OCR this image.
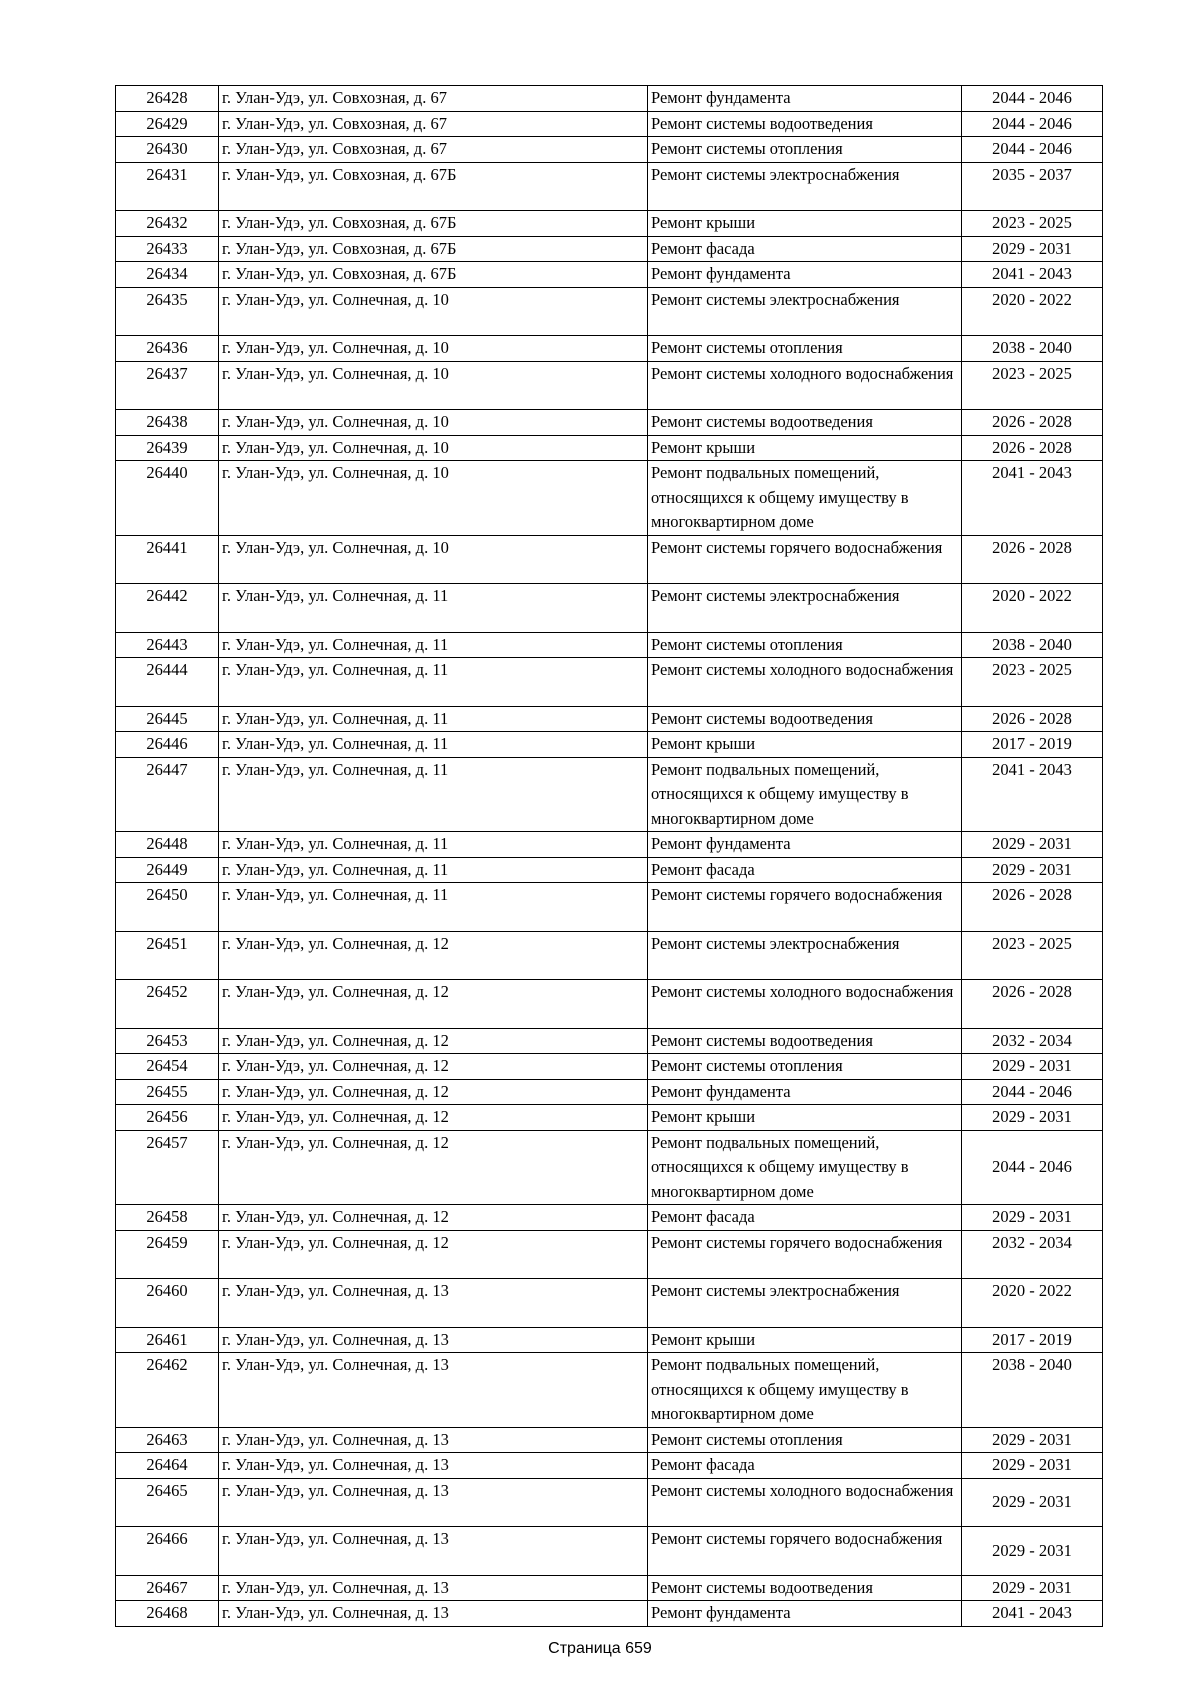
26428	г. Улан-Удэ, ул. Совхозная, д. 67	Ремонт фундамента	2044 - 2046
26429	г. Улан-Удэ, ул. Совхозная, д. 67	Ремонт системы водоотведения	2044 - 2046
26430	г. Улан-Удэ, ул. Совхозная, д. 67	Ремонт системы отопления	2044 - 2046
26431	г. Улан-Удэ, ул. Совхозная, д. 67Б	Ремонт системы электроснабжения	2035 - 2037
26432	г. Улан-Удэ, ул. Совхозная, д. 67Б	Ремонт крыши	2023 - 2025
26433	г. Улан-Удэ, ул. Совхозная, д. 67Б	Ремонт фасада	2029 - 2031
26434	г. Улан-Удэ, ул. Совхозная, д. 67Б	Ремонт фундамента	2041 - 2043
26435	г. Улан-Удэ, ул. Солнечная, д. 10	Ремонт системы электроснабжения	2020 - 2022
26436	г. Улан-Удэ, ул. Солнечная, д. 10	Ремонт системы отопления	2038 - 2040
26437	г. Улан-Удэ, ул. Солнечная, д. 10	Ремонт системы холодного водоснабжения	2023 - 2025
26438	г. Улан-Удэ, ул. Солнечная, д. 10	Ремонт системы водоотведения	2026 - 2028
26439	г. Улан-Удэ, ул. Солнечная, д. 10	Ремонт крыши	2026 - 2028
26440	г. Улан-Удэ, ул. Солнечная, д. 10	Ремонт подвальных помещений, относящихся к общему имуществу в многоквартирном доме	2041 - 2043
26441	г. Улан-Удэ, ул. Солнечная, д. 10	Ремонт системы горячего водоснабжения	2026 - 2028
26442	г. Улан-Удэ, ул. Солнечная, д. 11	Ремонт системы электроснабжения	2020 - 2022
26443	г. Улан-Удэ, ул. Солнечная, д. 11	Ремонт системы отопления	2038 - 2040
26444	г. Улан-Удэ, ул. Солнечная, д. 11	Ремонт системы холодного водоснабжения	2023 - 2025
26445	г. Улан-Удэ, ул. Солнечная, д. 11	Ремонт системы водоотведения	2026 - 2028
26446	г. Улан-Удэ, ул. Солнечная, д. 11	Ремонт крыши	2017 - 2019
26447	г. Улан-Удэ, ул. Солнечная, д. 11	Ремонт подвальных помещений, относящихся к общему имуществу в многоквартирном доме	2041 - 2043
26448	г. Улан-Удэ, ул. Солнечная, д. 11	Ремонт фундамента	2029 - 2031
26449	г. Улан-Удэ, ул. Солнечная, д. 11	Ремонт фасада	2029 - 2031
26450	г. Улан-Удэ, ул. Солнечная, д. 11	Ремонт системы горячего водоснабжения	2026 - 2028
26451	г. Улан-Удэ, ул. Солнечная, д. 12	Ремонт системы электроснабжения	2023 - 2025
26452	г. Улан-Удэ, ул. Солнечная, д. 12	Ремонт системы холодного водоснабжения	2026 - 2028
26453	г. Улан-Удэ, ул. Солнечная, д. 12	Ремонт системы водоотведения	2032 - 2034
26454	г. Улан-Удэ, ул. Солнечная, д. 12	Ремонт системы отопления	2029 - 2031
26455	г. Улан-Удэ, ул. Солнечная, д. 12	Ремонт фундамента	2044 - 2046
26456	г. Улан-Удэ, ул. Солнечная, д. 12	Ремонт крыши	2029 - 2031
26457	г. Улан-Удэ, ул. Солнечная, д. 12	Ремонт подвальных помещений, относящихся к общему имуществу в многоквартирном доме	2044 - 2046
26458	г. Улан-Удэ, ул. Солнечная, д. 12	Ремонт фасада	2029 - 2031
26459	г. Улан-Удэ, ул. Солнечная, д. 12	Ремонт системы горячего водоснабжения	2032 - 2034
26460	г. Улан-Удэ, ул. Солнечная, д. 13	Ремонт системы электроснабжения	2020 - 2022
26461	г. Улан-Удэ, ул. Солнечная, д. 13	Ремонт крыши	2017 - 2019
26462	г. Улан-Удэ, ул. Солнечная, д. 13	Ремонт подвальных помещений, относящихся к общему имуществу в многоквартирном доме	2038 - 2040
26463	г. Улан-Удэ, ул. Солнечная, д. 13	Ремонт системы отопления	2029 - 2031
26464	г. Улан-Удэ, ул. Солнечная, д. 13	Ремонт фасада	2029 - 2031
26465	г. Улан-Удэ, ул. Солнечная, д. 13	Ремонт системы холодного водоснабжения	2029 - 2031
26466	г. Улан-Удэ, ул. Солнечная, д. 13	Ремонт системы горячего водоснабжения	2029 - 2031
26467	г. Улан-Удэ, ул. Солнечная, д. 13	Ремонт системы водоотведения	2029 - 2031
26468	г. Улан-Удэ, ул. Солнечная, д. 13	Ремонт фундамента	2041 - 2043
Страница 659
